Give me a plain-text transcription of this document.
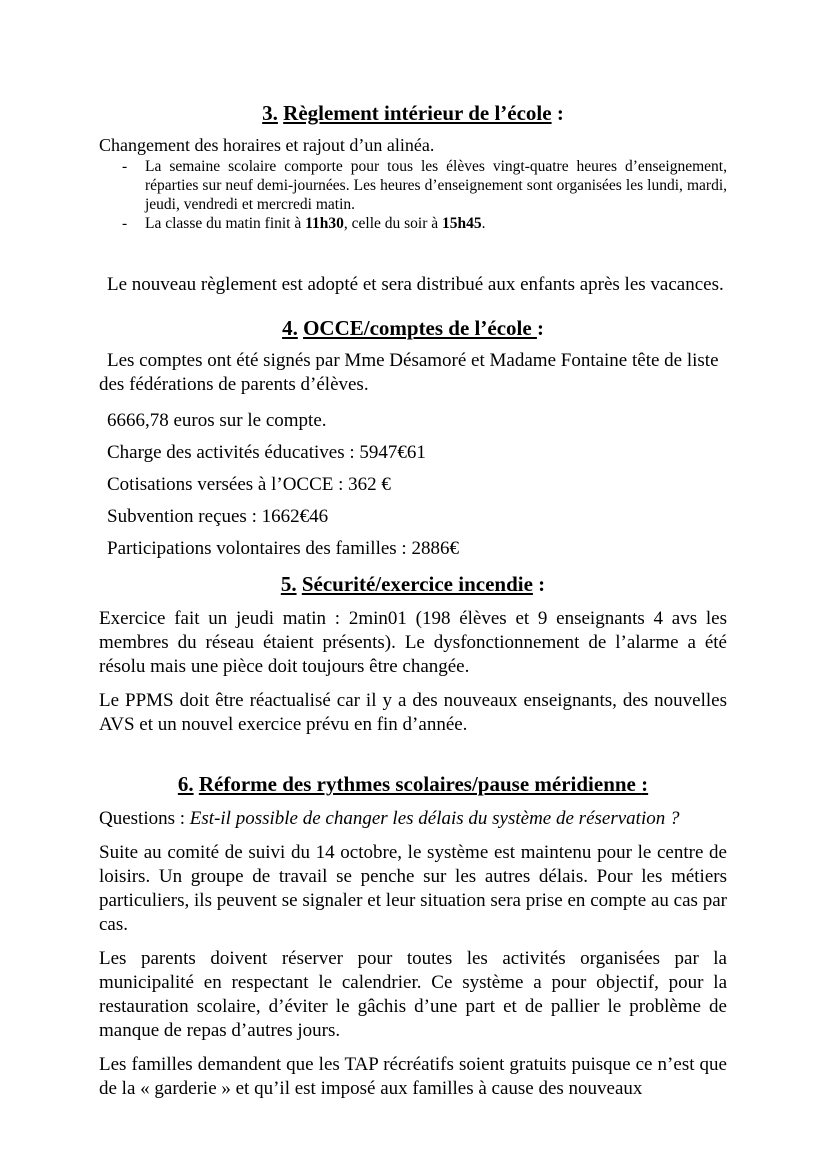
3. Règlement intérieur de l’école :

Changement des horaires et rajout d’un alinéa.

- La semaine scolaire comporte pour tous les élèves vingt-quatre heures d’enseignement, réparties sur neuf demi-journées. Les heures d’enseignement sont organisées les lundi, mardi, jeudi, vendredi et mercredi matin.
- La classe du matin finit à 11h30, celle du soir à 15h45.

Le nouveau règlement est adopté et sera distribué aux enfants après les vacances.

4. OCCE/comptes de l’école :

Les comptes ont été signés par Mme Désamoré et Madame Fontaine tête de liste des fédérations de parents d’élèves.

6666,78 euros sur le compte.

Charge des activités éducatives : 5947€61

Cotisations versées à l’OCCE : 362 €

Subvention reçues : 1662€46

Participations volontaires des familles : 2886€

5. Sécurité/exercice incendie :

Exercice fait un jeudi matin : 2min01 (198 élèves et 9 enseignants 4 avs les membres du réseau étaient présents). Le dysfonctionnement de l’alarme a été résolu mais une pièce doit toujours être changée.

Le PPMS doit être réactualisé car il y a des nouveaux enseignants, des nouvelles AVS et un nouvel exercice prévu en fin d’année.

6. Réforme des rythmes scolaires/pause méridienne :

Questions : Est-il possible de changer les délais du système de réservation ?

Suite au comité de suivi du 14 octobre, le système est maintenu pour le centre de loisirs. Un groupe de travail se penche sur les autres délais. Pour les métiers particuliers, ils peuvent se signaler et leur situation sera prise en compte au cas par cas.

Les parents doivent réserver pour toutes les activités organisées par la municipalité en respectant le calendrier. Ce système a pour objectif, pour la restauration scolaire, d’éviter le gâchis d’une part et de pallier le problème de manque de repas d’autres jours.

Les familles demandent que les TAP récréatifs soient gratuits puisque ce n’est que de la « garderie » et qu’il est imposé aux familles à cause des nouveaux
